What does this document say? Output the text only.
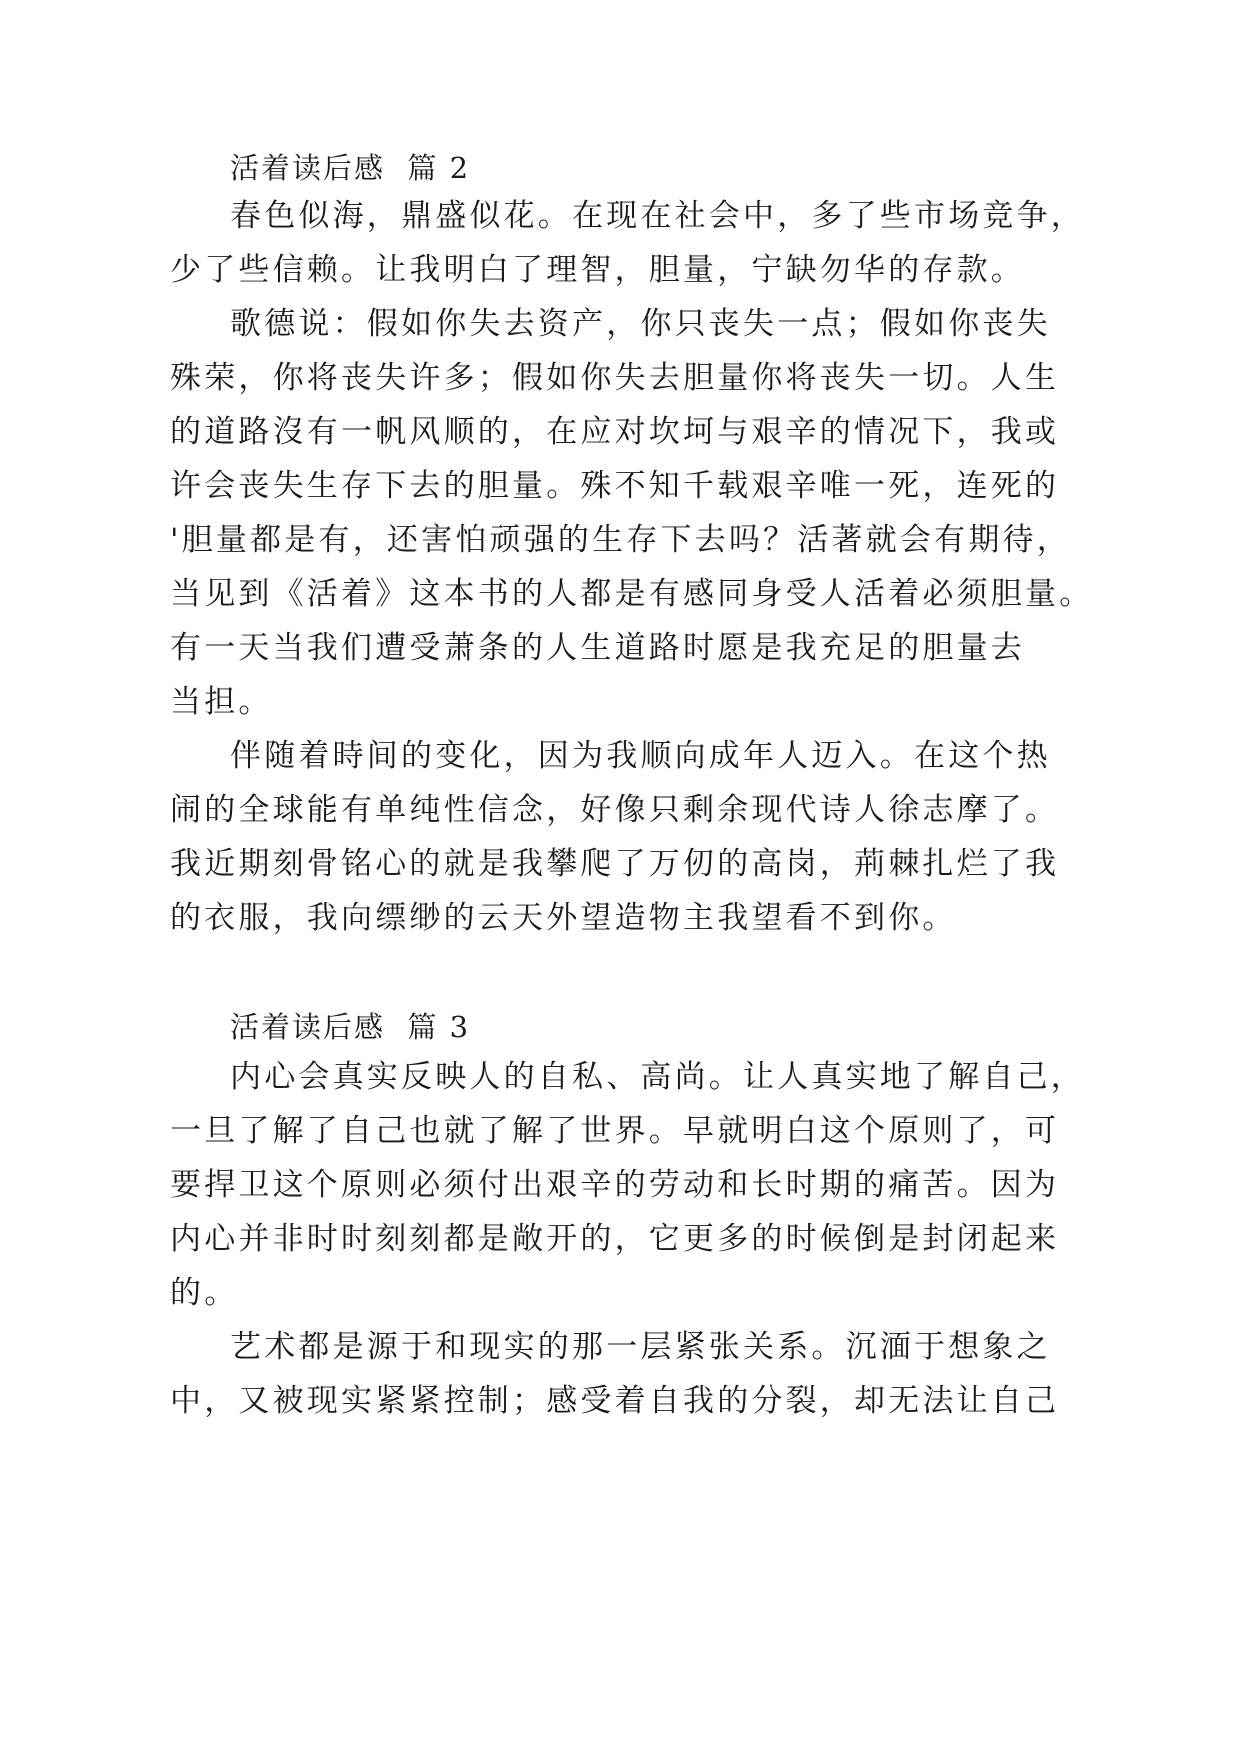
活着读后感  篇 2
春色似海，鼎盛似花。在现在社会中，多了些市场竞争，
少了些信赖。让我明白了理智，胆量，宁缺勿华的存款。
歌德说：假如你失去资产，你只丧失一点；假如你丧失
殊荣，你将丧失许多；假如你失去胆量你将丧失一切。人生
的道路沒有一帆风顺的，在应对坎坷与艰辛的情况下，我或
许会丧失生存下去的胆量。殊不知千载艰辛唯一死，连死的
'胆量都是有，还害怕顽强的生存下去吗？活著就会有期待，
当见到《活着》这本书的人都是有感同身受人活着必须胆量。
有一天当我们遭受萧条的人生道路时愿是我充足的胆量去
当担。
伴随着時间的变化，因为我顺向成年人迈入。在这个热
闹的全球能有单纯性信念，好像只剩余现代诗人徐志摩了。
我近期刻骨铭心的就是我攀爬了万仞的高岗，荊棘扎烂了我
的衣服，我向缥缈的云天外望造物主我望看不到你。
活着读后感  篇 3
内心会真实反映人的自私、高尚。让人真实地了解自己，
一旦了解了自己也就了解了世界。早就明白这个原则了，可
要捍卫这个原则必须付出艰辛的劳动和长时期的痛苦。因为
内心并非时时刻刻都是敞开的，它更多的时候倒是封闭起来
的。
艺术都是源于和现实的那一层紧张关系。沉湎于想象之
中，又被现实紧紧控制；感受着自我的分裂，却无法让自己
